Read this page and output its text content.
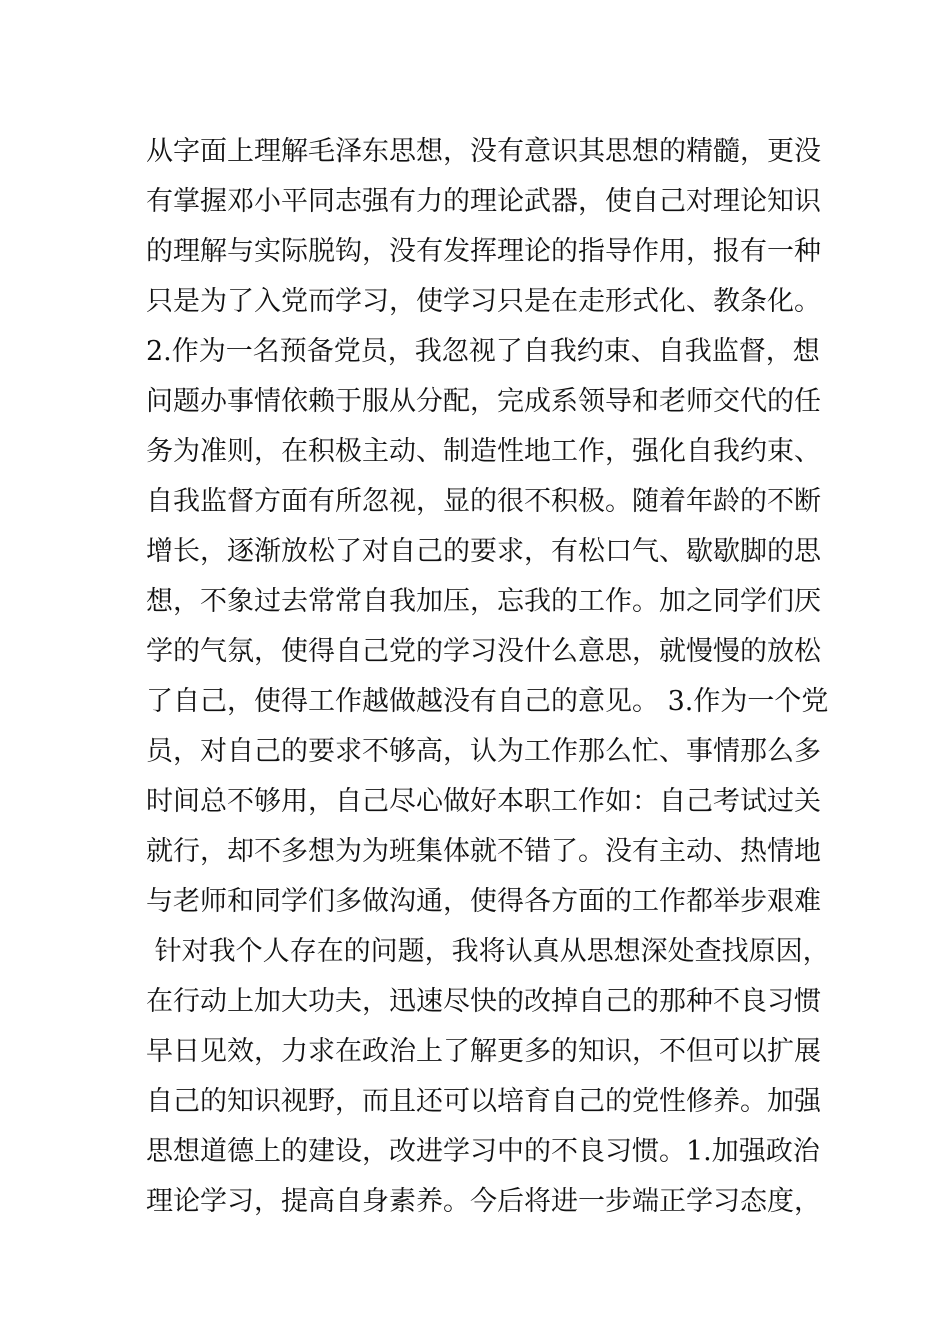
从字面上理解毛泽东思想，没有意识其思想的精髓，更没
有掌握邓小平同志强有力的理论武器，使自己对理论知识
的理解与实际脱钩，没有发挥理论的指导作用，报有一种
只是为了入党而学习，使学习只是在走形式化、教条化。
2.作为一名预备党员，我忽视了自我约束、自我监督，想
问题办事情依赖于服从分配，完成系领导和老师交代的任
务为准则，在积极主动、制造性地工作，强化自我约束、
自我监督方面有所忽视，显的很不积极。随着年龄的不断
增长，逐渐放松了对自己的要求，有松口气、歇歇脚的思
想，不象过去常常自我加压，忘我的工作。加之同学们厌
学的气氛，使得自己党的学习没什么意思，就慢慢的放松
了自己，使得工作越做越没有自己的意见。 3.作为一个党
员，对自己的要求不够高，认为工作那么忙、事情那么多
时间总不够用，自己尽心做好本职工作如：自己考试过关
就行，却不多想为为班集体就不错了。没有主动、热情地
与老师和同学们多做沟通，使得各方面的工作都举步艰难
针对我个人存在的问题，我将认真从思想深处查找原因，
在行动上加大功夫，迅速尽快的改掉自己的那种不良习惯
早日见效，力求在政治上了解更多的知识，不但可以扩展
自己的知识视野，而且还可以培育自己的党性修养。加强
思想道德上的建设，改进学习中的不良习惯。1.加强政治
理论学习，提高自身素养。今后将进一步端正学习态度，
